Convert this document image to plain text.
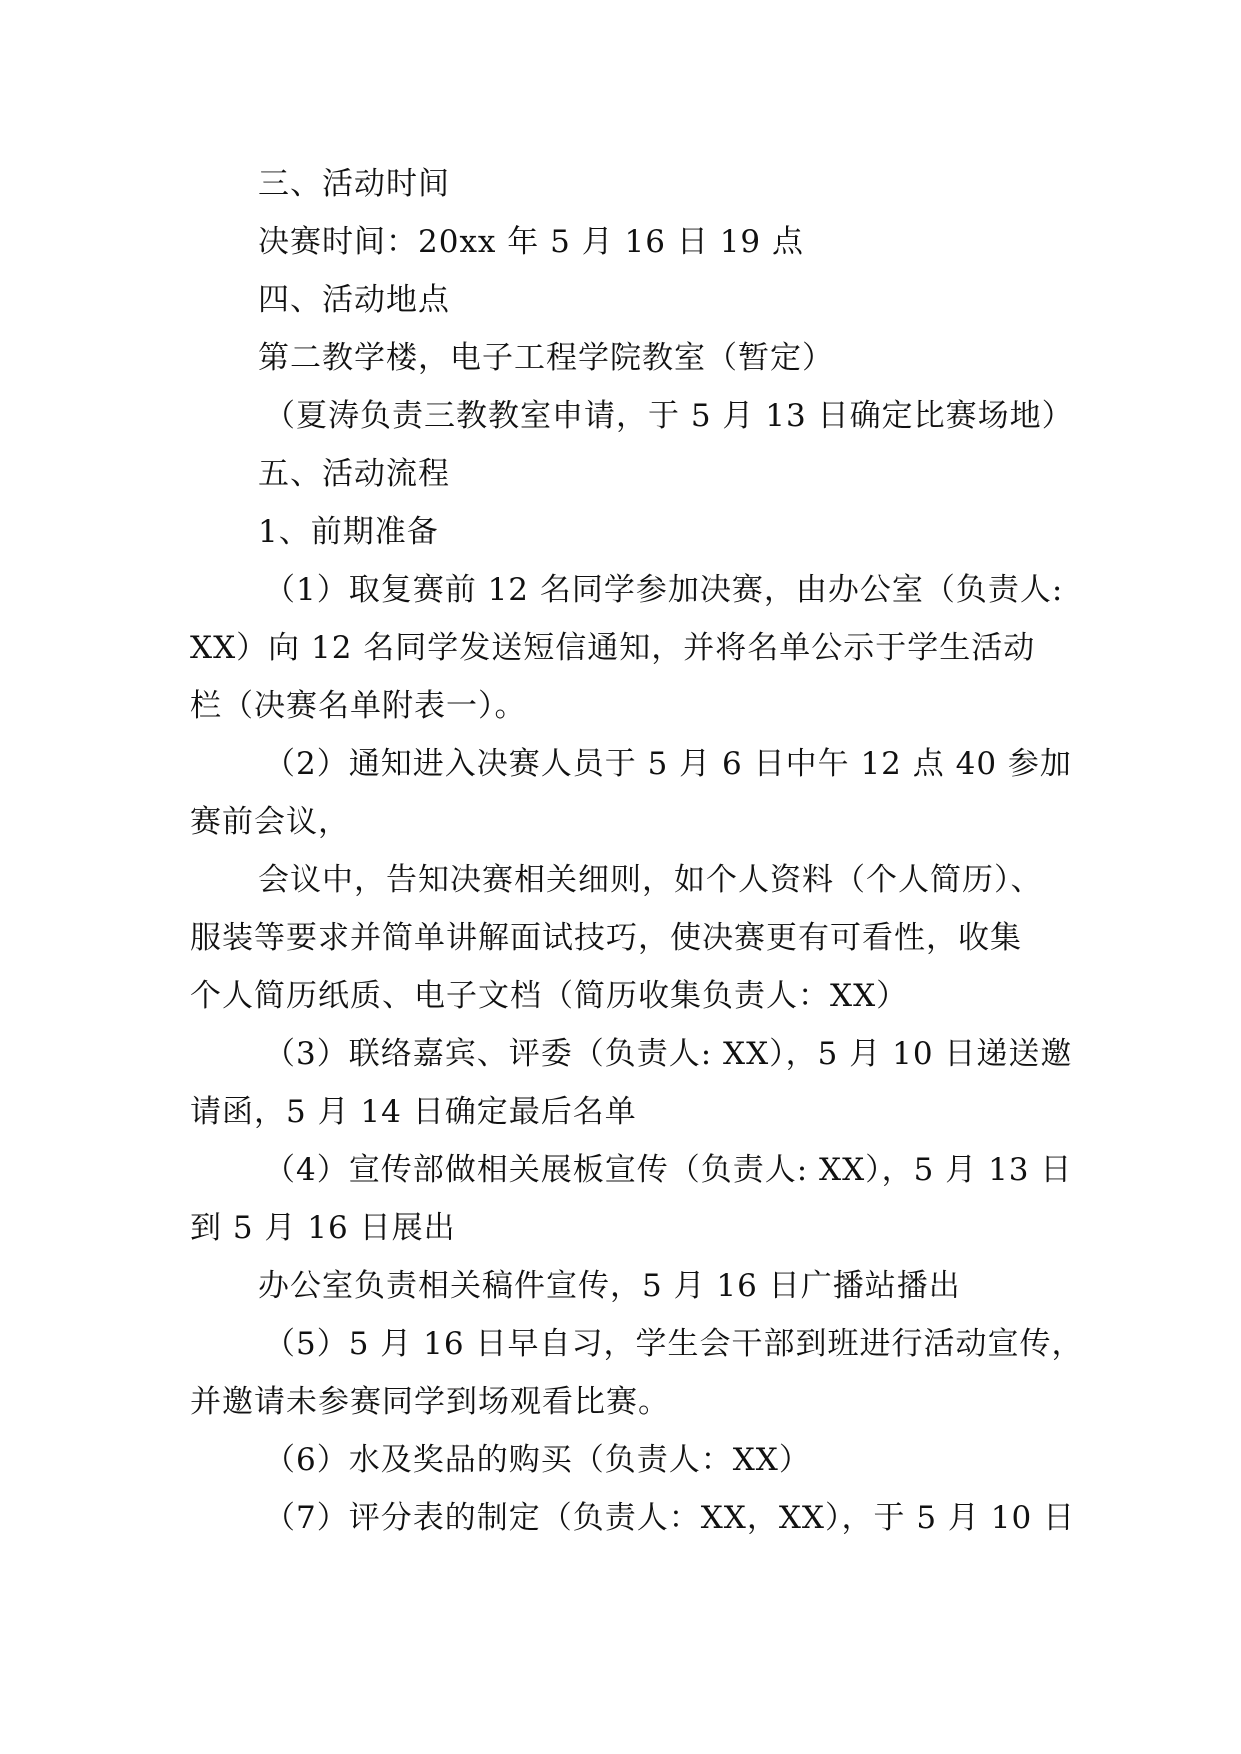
三、活动时间
决赛时间：20xx 年 5 月 16 日 19 点
四、活动地点
第二教学楼，电子工程学院教室（暂定）
（夏涛负责三教教室申请，于 5 月 13 日确定比赛场地）
五、活动流程
1、前期准备
（1）取复赛前 12 名同学参加决赛，由办公室（负责人:
XX）向 12 名同学发送短信通知，并将名单公示于学生活动
栏（决赛名单附表一）。
（2）通知进入决赛人员于 5 月 6 日中午 12 点 40 参加
赛前会议，
会议中，告知决赛相关细则，如个人资料（个人简历）、
服装等要求并简单讲解面试技巧，使决赛更有可看性，收集
个人简历纸质、电子文档（简历收集负责人：XX）
（3）联络嘉宾、评委（负责人: XX），5 月 10 日递送邀
请函，5 月 14 日确定最后名单
（4）宣传部做相关展板宣传（负责人: XX），5 月 13 日
到 5 月 16 日展出
办公室负责相关稿件宣传，5 月 16 日广播站播出
（5）5 月 16 日早自习，学生会干部到班进行活动宣传，
并邀请未参赛同学到场观看比赛。
（6）水及奖品的购买（负责人：XX）
（7）评分表的制定（负责人：XX，XX），于 5 月 10 日
